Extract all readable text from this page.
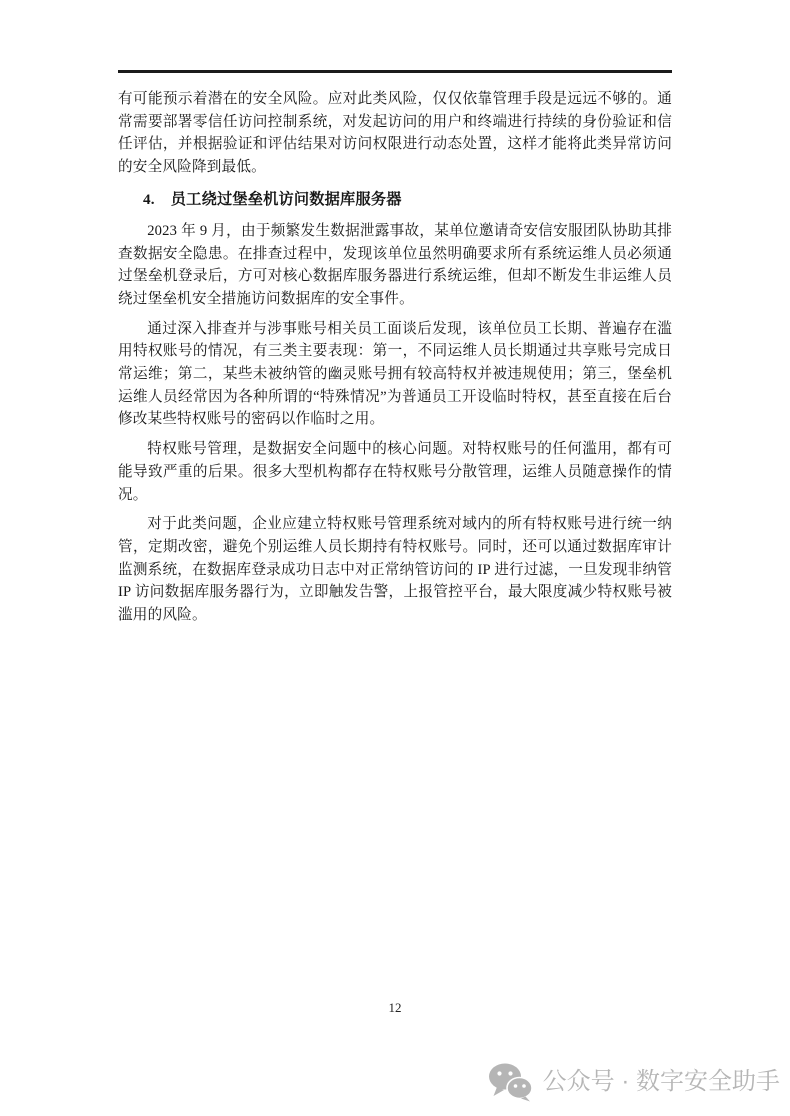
有可能预示着潜在的安全风险。应对此类风险，仅仅依靠管理手段是远远不够的。通常需要部署零信任访问控制系统，对发起访问的用户和终端进行持续的身份验证和信任评估，并根据验证和评估结果对访问权限进行动态处置，这样才能将此类异常访问的安全风险降到最低。

4. 员工绕过堡垒机访问数据库服务器

2023 年 9 月，由于频繁发生数据泄露事故，某单位邀请奇安信安服团队协助其排查数据安全隐患。在排查过程中，发现该单位虽然明确要求所有系统运维人员必须通过堡垒机登录后，方可对核心数据库服务器进行系统运维，但却不断发生非运维人员绕过堡垒机安全措施访问数据库的安全事件。

通过深入排查并与涉事账号相关员工面谈后发现，该单位员工长期、普遍存在滥用特权账号的情况，有三类主要表现：第一，不同运维人员长期通过共享账号完成日常运维；第二，某些未被纳管的幽灵账号拥有较高特权并被违规使用；第三，堡垒机运维人员经常因为各种所谓的“特殊情况”为普通员工开设临时特权，甚至直接在后台修改某些特权账号的密码以作临时之用。

特权账号管理，是数据安全问题中的核心问题。对特权账号的任何滥用，都有可能导致严重的后果。很多大型机构都存在特权账号分散管理，运维人员随意操作的情况。

对于此类问题，企业应建立特权账号管理系统对域内的所有特权账号进行统一纳管，定期改密，避免个别运维人员长期持有特权账号。同时，还可以通过数据库审计监测系统，在数据库登录成功日志中对正常纳管访问的 IP 进行过滤，一旦发现非纳管 IP 访问数据库服务器行为，立即触发告警，上报管控平台，最大限度减少特权账号被滥用的风险。

12
公众号 · 数字安全助手
